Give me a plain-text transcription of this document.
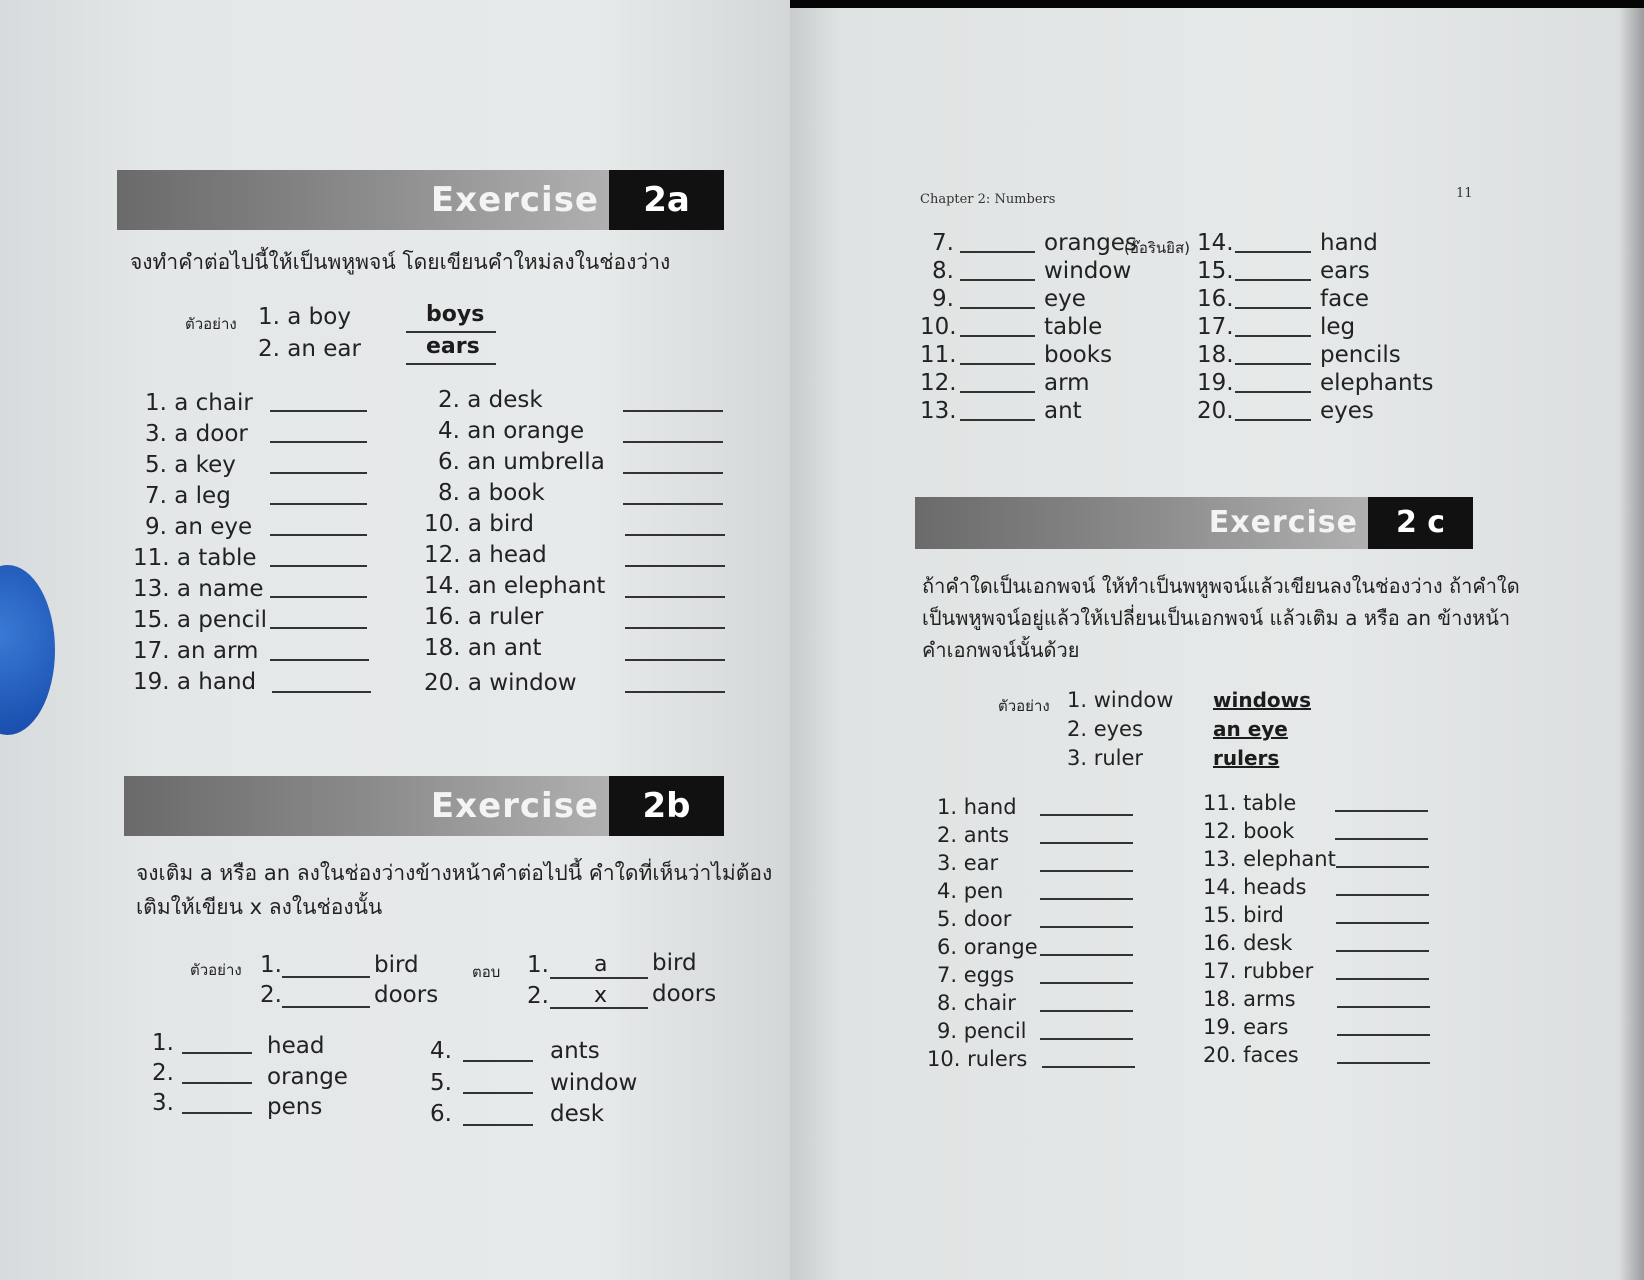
Exercise	2a
จงทำคำต่อไปนี้ให้เป็นพหูพจน์ โดยเขียนคำใหม่ลงในช่องว่าง
ตัวอย่าง 1. a boy	boys
2. an ear	ears
1. a chair	2. a desk
3. a door	4. an orange
5. a key	6. an umbrella
7. a leg	8. a book
9. an eye	10. a bird
11. a table	12. a head
13. a name	14. an elephant
15. a pencil	16. a ruler
17. an arm	18. an ant
19. a hand	20. a window
Exercise	2b
จงเติม a หรือ an ลงในช่องว่างข้างหน้าคำต่อไปนี้ คำใดที่เห็นว่าไม่ต้อง
เติมให้เขียน x ลงในช่องนั้น
ตัวอย่าง 1.	bird
2.	doors
ตอบ 1. a bird
2. x doors
1.	head
2.	orange
3.	pens
4.	ants
5.	window
6.	desk
Chapter 2: Numbers	11
7.	oranges
(อ๊อรินยิส)
8.	window
9.	eye
10.	table
11.	books
12.	arm
13.	ant
14.	hand
15.	ears
16.	face
17.	leg
18.	pencils
19.	elephants
20.	eyes
Exercise	2 c
ถ้าคำใดเป็นเอกพจน์ ให้ทำเป็นพหูพจน์แล้วเขียนลงในช่องว่าง ถ้าคำใด
เป็นพหูพจน์อยู่แล้วให้เปลี่ยนเป็นเอกพจน์ แล้วเติม a หรือ an ข้างหน้า
คำเอกพจน์นั้นด้วย
ตัวอย่าง 1. window windows
2. eyes	an eye
3. ruler	rulers
1. hand
2. ants
3. ear
4. pen
5. door
6. orange
7. eggs
8. chair
9. pencil
10. rulers
11. table
12. book
13. elephant
14. heads
15. bird
16. desk
17. rubber
18. arms
19. ears
20. faces
